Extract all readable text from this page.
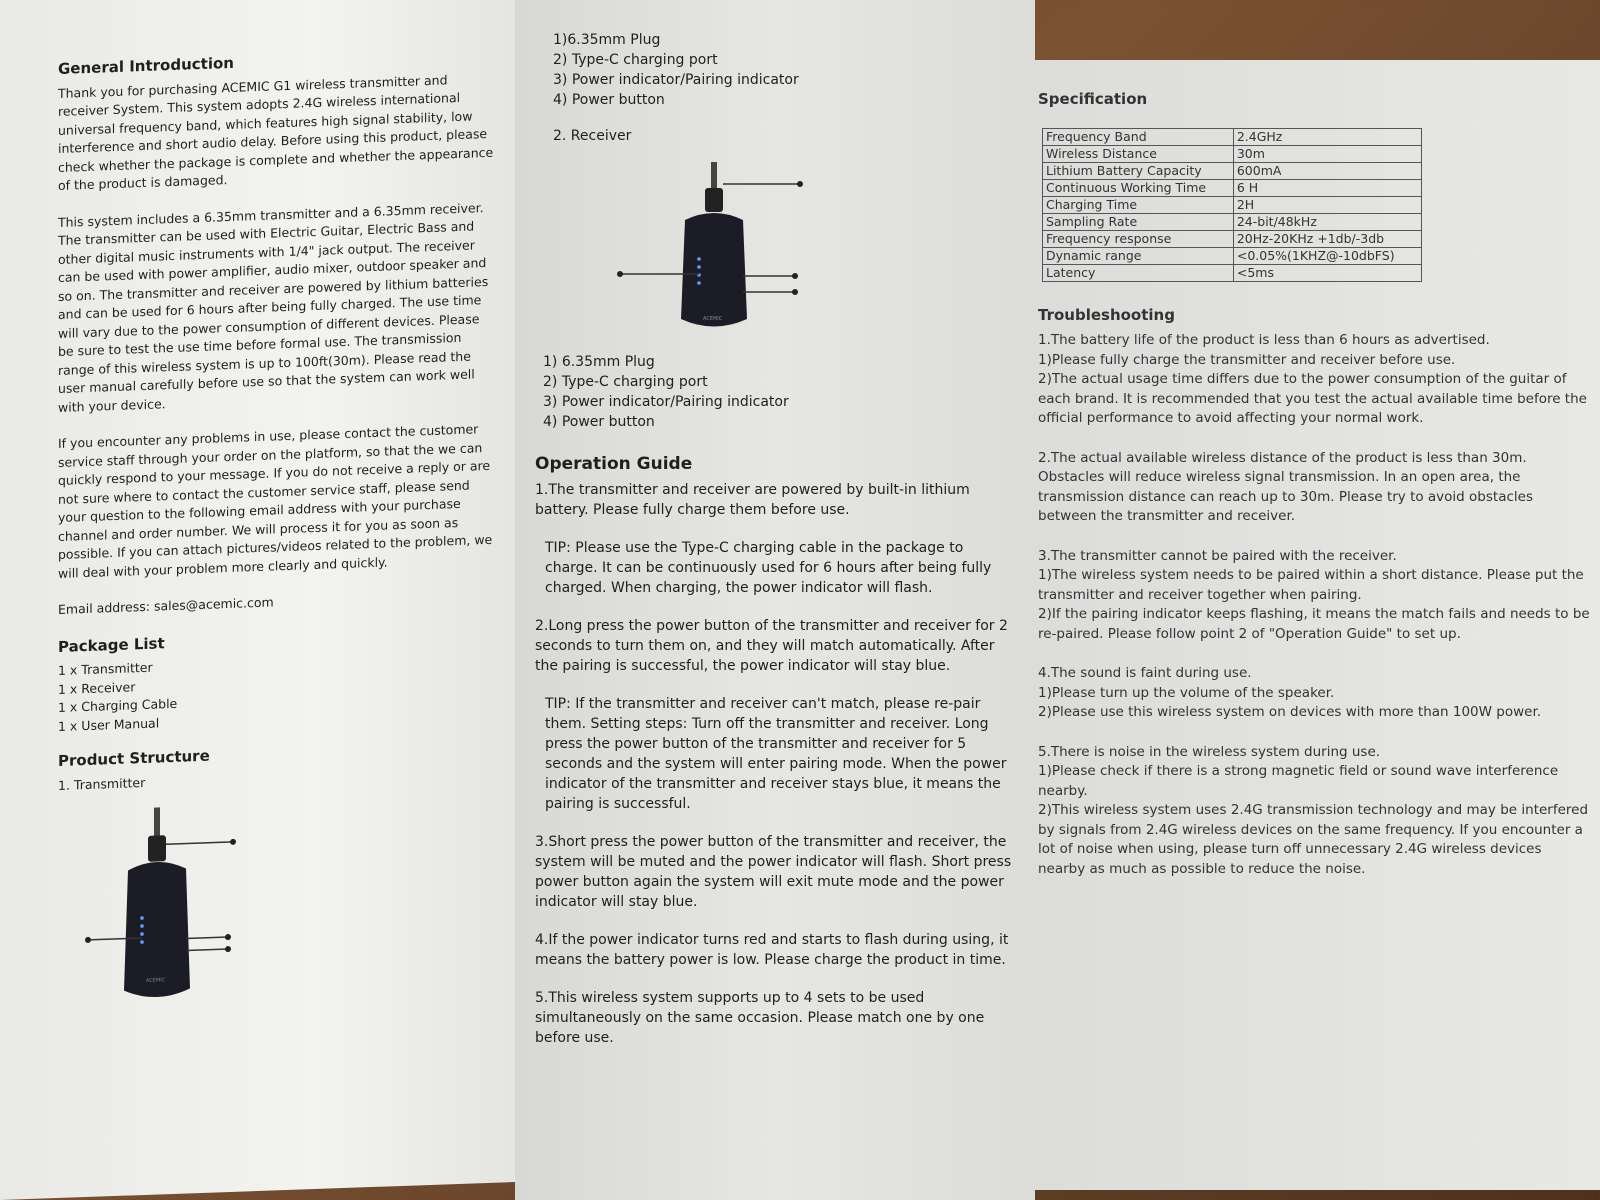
General Introduction

Thank you for purchasing ACEMIC G1 wireless transmitter and receiver System. This system adopts 2.4G wireless international universal frequency band, which features high signal stability, low interference and short audio delay. Before using this product, please check whether the package is complete and whether the appearance of the product is damaged.

This system includes a 6.35mm transmitter and a 6.35mm receiver. The transmitter can be used with Electric Guitar, Electric Bass and other digital music instruments with 1/4" jack output. The receiver can be used with power amplifier, audio mixer, outdoor speaker and so on. The transmitter and receiver are powered by lithium batteries and can be used for 6 hours after being fully charged. The use time will vary due to the power consumption of different devices. Please be sure to test the use time before formal use. The transmission range of this wireless system is up to 100ft(30m). Please read the user manual carefully before use so that the system can work well with your device.

If you encounter any problems in use, please contact the customer service staff through your order on the platform, so that the we can quickly respond to your message. If you do not receive a reply or are not sure where to contact the customer service staff, please send your question to the following email address with your purchase channel and order number. We will process it for you as soon as possible. If you can attach pictures/videos related to the problem, we will deal with your problem more clearly and quickly.

Email address: sales@acemic.com

Package List
1 x Transmitter
1 x Receiver
1 x Charging Cable
1 x User Manual
Product Structure
1. Transmitter
ACEMIC
1)6.35mm Plug
2) Type-C charging port
3) Power indicator/Pairing indicator
4) Power button
2. Receiver
ACEMIC
1) 6.35mm Plug
2) Type-C charging port
3) Power indicator/Pairing indicator
4) Power button
Operation Guide

1.The transmitter and receiver are powered by built-in lithium battery. Please fully charge them before use.

TIP: Please use the Type-C charging cable in the package to charge. It can be continuously used for 6 hours after being fully charged. When charging, the power indicator will flash.

2.Long press the power button of the transmitter and receiver for 2 seconds to turn them on, and they will match automatically. After the pairing is successful, the power indicator will stay blue.

TIP: If the transmitter and receiver can't match, please re-pair them. Setting steps: Turn off the transmitter and receiver. Long press the power button of the transmitter and receiver for 5 seconds and the system will enter pairing mode. When the power indicator of the transmitter and receiver stays blue, it means the pairing is successful.

3.Short press the power button of the transmitter and receiver, the system will be muted and the power indicator will flash. Short press power button again the system will exit mute mode and the power indicator will stay blue.

4.If the power indicator turns red and starts to flash during using, it means the battery power is low. Please charge the product in time.

5.This wireless system supports up to 4 sets to be used simultaneously on the same occasion. Please match one by one before use.

Specification
Frequency Band	2.4GHz
Wireless Distance	30m
Lithium Battery Capacity	600mA
Continuous Working Time	6 H
Charging Time	2H
Sampling Rate	24-bit/48kHz
Frequency response	20Hz-20KHz +1db/-3db
Dynamic range	<0.05%(1KHZ@-10dbFS)
Latency	<5ms
Troubleshooting

1.The battery life of the product is less than 6 hours as advertised.
1)Please fully charge the transmitter and receiver before use.
2)The actual usage time differs due to the power consumption of the guitar of each brand. It is recommended that you test the actual available time before the official performance to avoid affecting your normal work.

2.The actual available wireless distance of the product is less than 30m. Obstacles will reduce wireless signal transmission. In an open area, the transmission distance can reach up to 30m. Please try to avoid obstacles between the transmitter and receiver.

3.The transmitter cannot be paired with the receiver.
1)The wireless system needs to be paired within a short distance. Please put the transmitter and receiver together when pairing.
2)If the pairing indicator keeps flashing, it means the match fails and needs to be re-paired. Please follow point 2 of "Operation Guide" to set up.

4.The sound is faint during use.
1)Please turn up the volume of the speaker.
2)Please use this wireless system on devices with more than 100W power.

5.There is noise in the wireless system during use.
1)Please check if there is a strong magnetic field or sound wave interference nearby.
2)This wireless system uses 2.4G transmission technology and may be interfered by signals from 2.4G wireless devices on the same frequency. If you encounter a lot of noise when using, please turn off unnecessary 2.4G wireless devices nearby as much as possible to reduce the noise.
